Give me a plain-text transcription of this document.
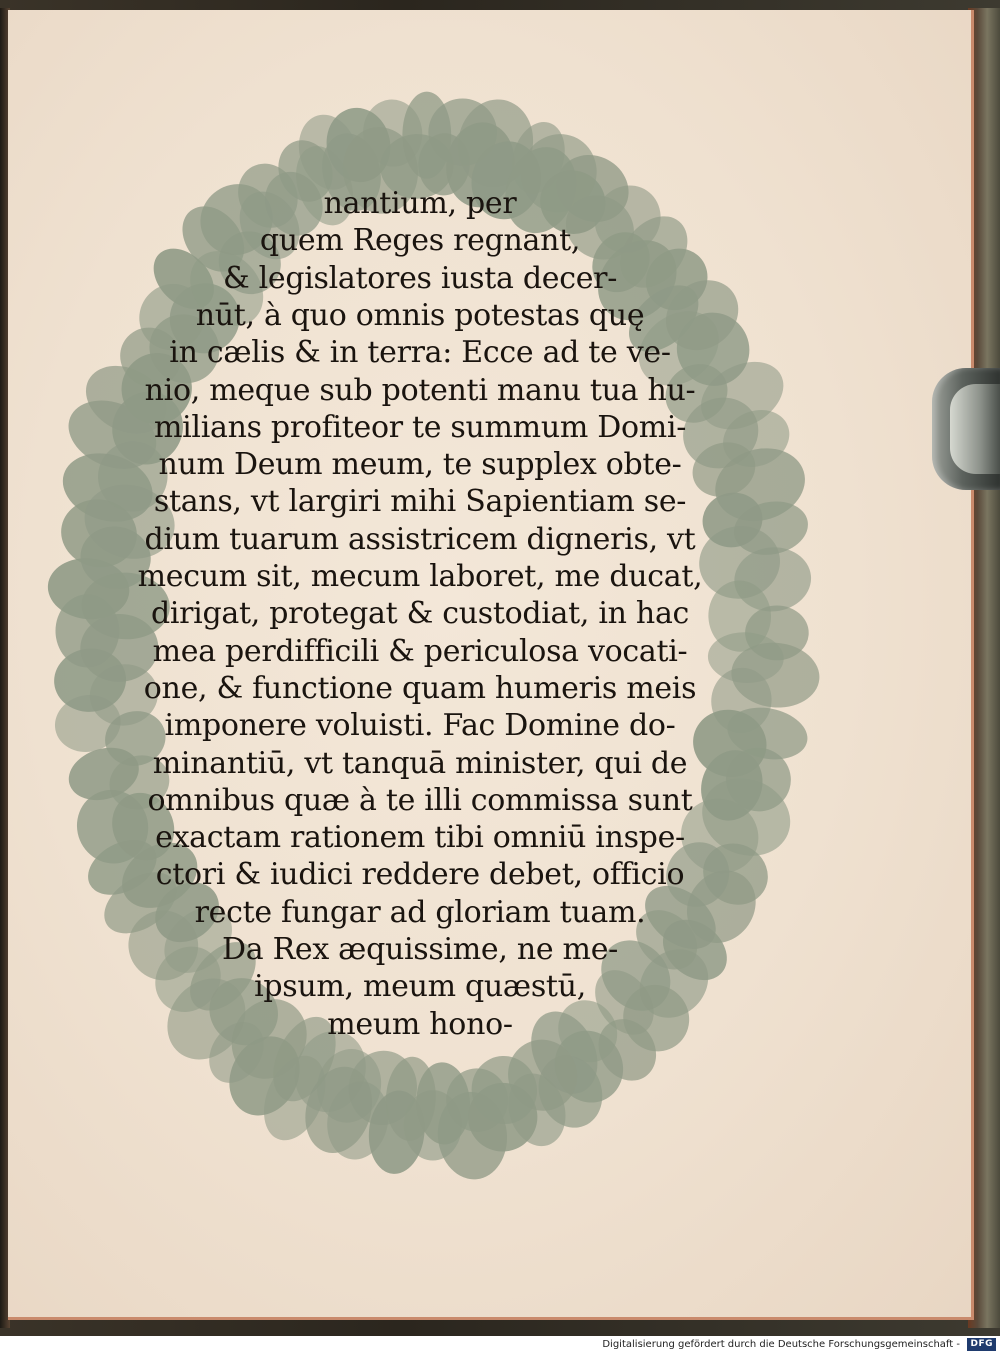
nantium, per
quem Reges regnant,
& legislatores iusta decer-
nūt, à quo omnis potestas quę
in cælis & in terra: Ecce ad te ve-
nio, meque sub potenti manu tua hu-
milians profiteor te summum Domi-
num Deum meum, te supplex obte-
stans, vt largiri mihi Sapientiam se-
dium tuarum assistricem digneris, vt
mecum sit, mecum laboret, me ducat,
dirigat, protegat & custodiat, in hac
mea perdifficili & periculosa vocati-
one, & functione quam humeris meis
imponere voluisti. Fac Domine do-
minantiū, vt tanquā minister, qui de
omnibus quæ à te illi commissa sunt
exactam rationem tibi omniū inspe-
ctori & iudici reddere debet, officio
recte fungar ad gloriam tuam.
Da Rex æquissime, ne me-
ipsum, meum quæstū,
meum hono-
Digitalisierung gefördert durch die Deutsche Forschungsgemeinschaft -	DFG
